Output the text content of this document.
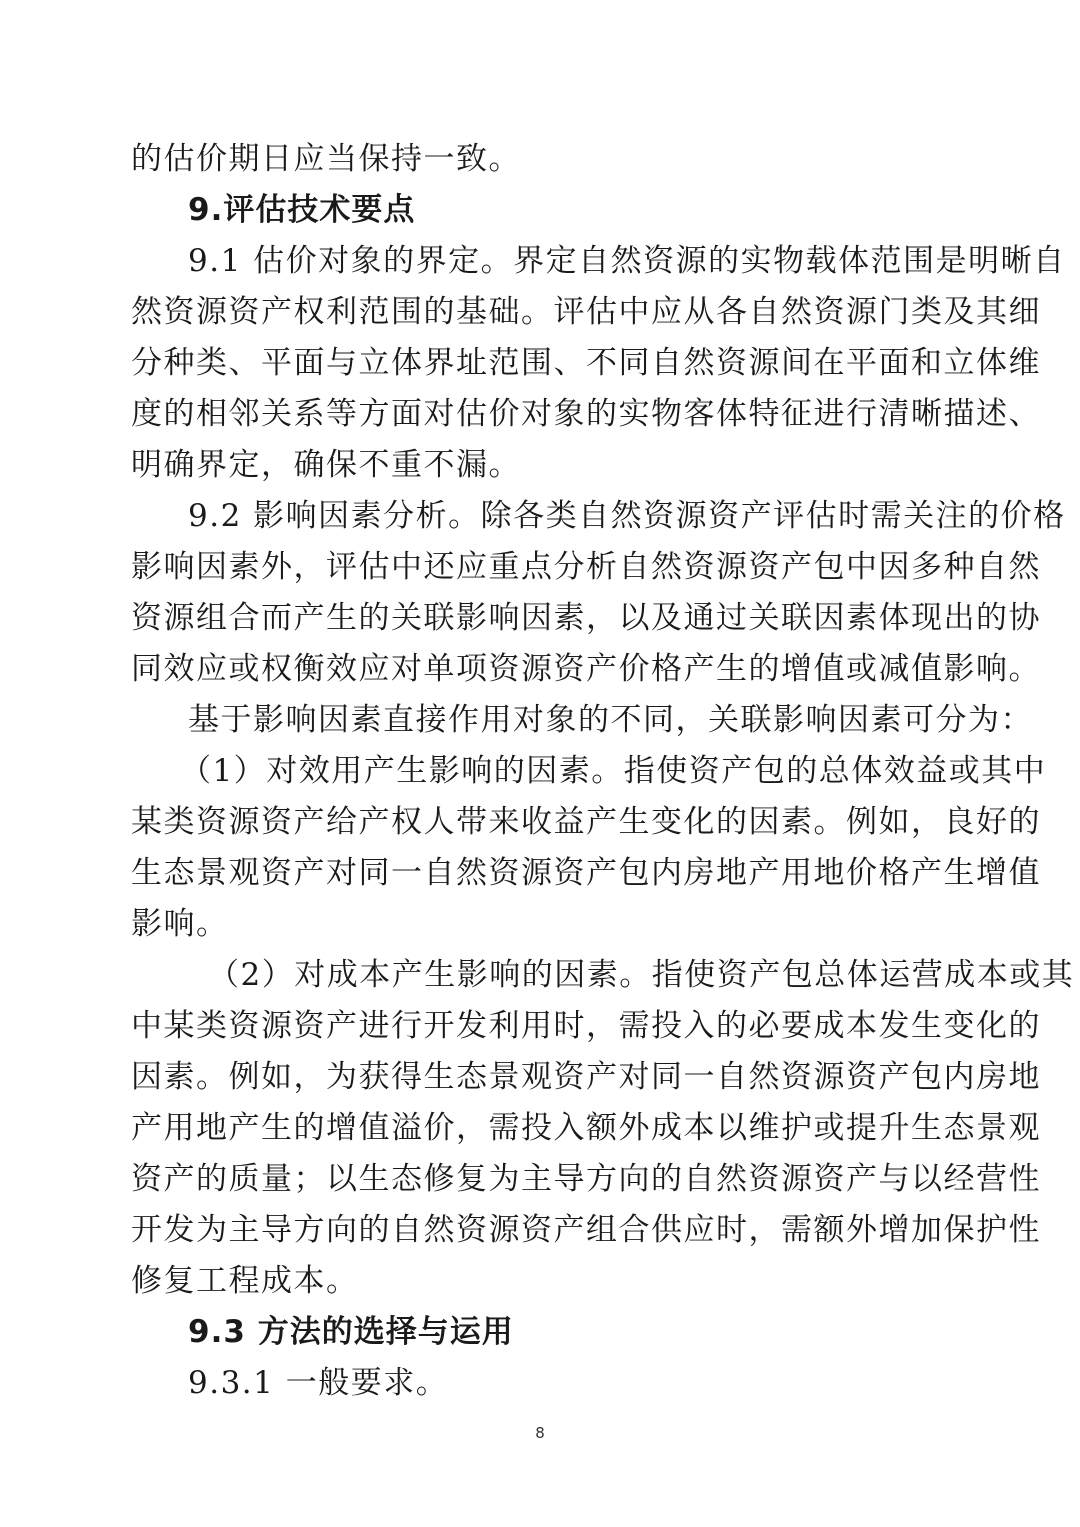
的估价期日应当保持一致。
9.评估技术要点
9.1 估价对象的界定。界定自然资源的实物载体范围是明晰自
然资源资产权利范围的基础。评估中应从各自然资源门类及其细
分种类、平面与立体界址范围、不同自然资源间在平面和立体维
度的相邻关系等方面对估价对象的实物客体特征进行清晰描述、
明确界定，确保不重不漏。
9.2 影响因素分析。除各类自然资源资产评估时需关注的价格
影响因素外，评估中还应重点分析自然资源资产包中因多种自然
资源组合而产生的关联影响因素，以及通过关联因素体现出的协
同效应或权衡效应对单项资源资产价格产生的增值或减值影响。
基于影响因素直接作用对象的不同，关联影响因素可分为：
（1）对效用产生影响的因素。指使资产包的总体效益或其中
某类资源资产给产权人带来收益产生变化的因素。例如，良好的
生态景观资产对同一自然资源资产包内房地产用地价格产生增值
影响。
（2）对成本产生影响的因素。指使资产包总体运营成本或其
中某类资源资产进行开发利用时，需投入的必要成本发生变化的
因素。例如，为获得生态景观资产对同一自然资源资产包内房地
产用地产生的增值溢价，需投入额外成本以维护或提升生态景观
资产的质量；以生态修复为主导方向的自然资源资产与以经营性
开发为主导方向的自然资源资产组合供应时，需额外增加保护性
修复工程成本。
9.3 方法的选择与运用
9.3.1 一般要求。
8
